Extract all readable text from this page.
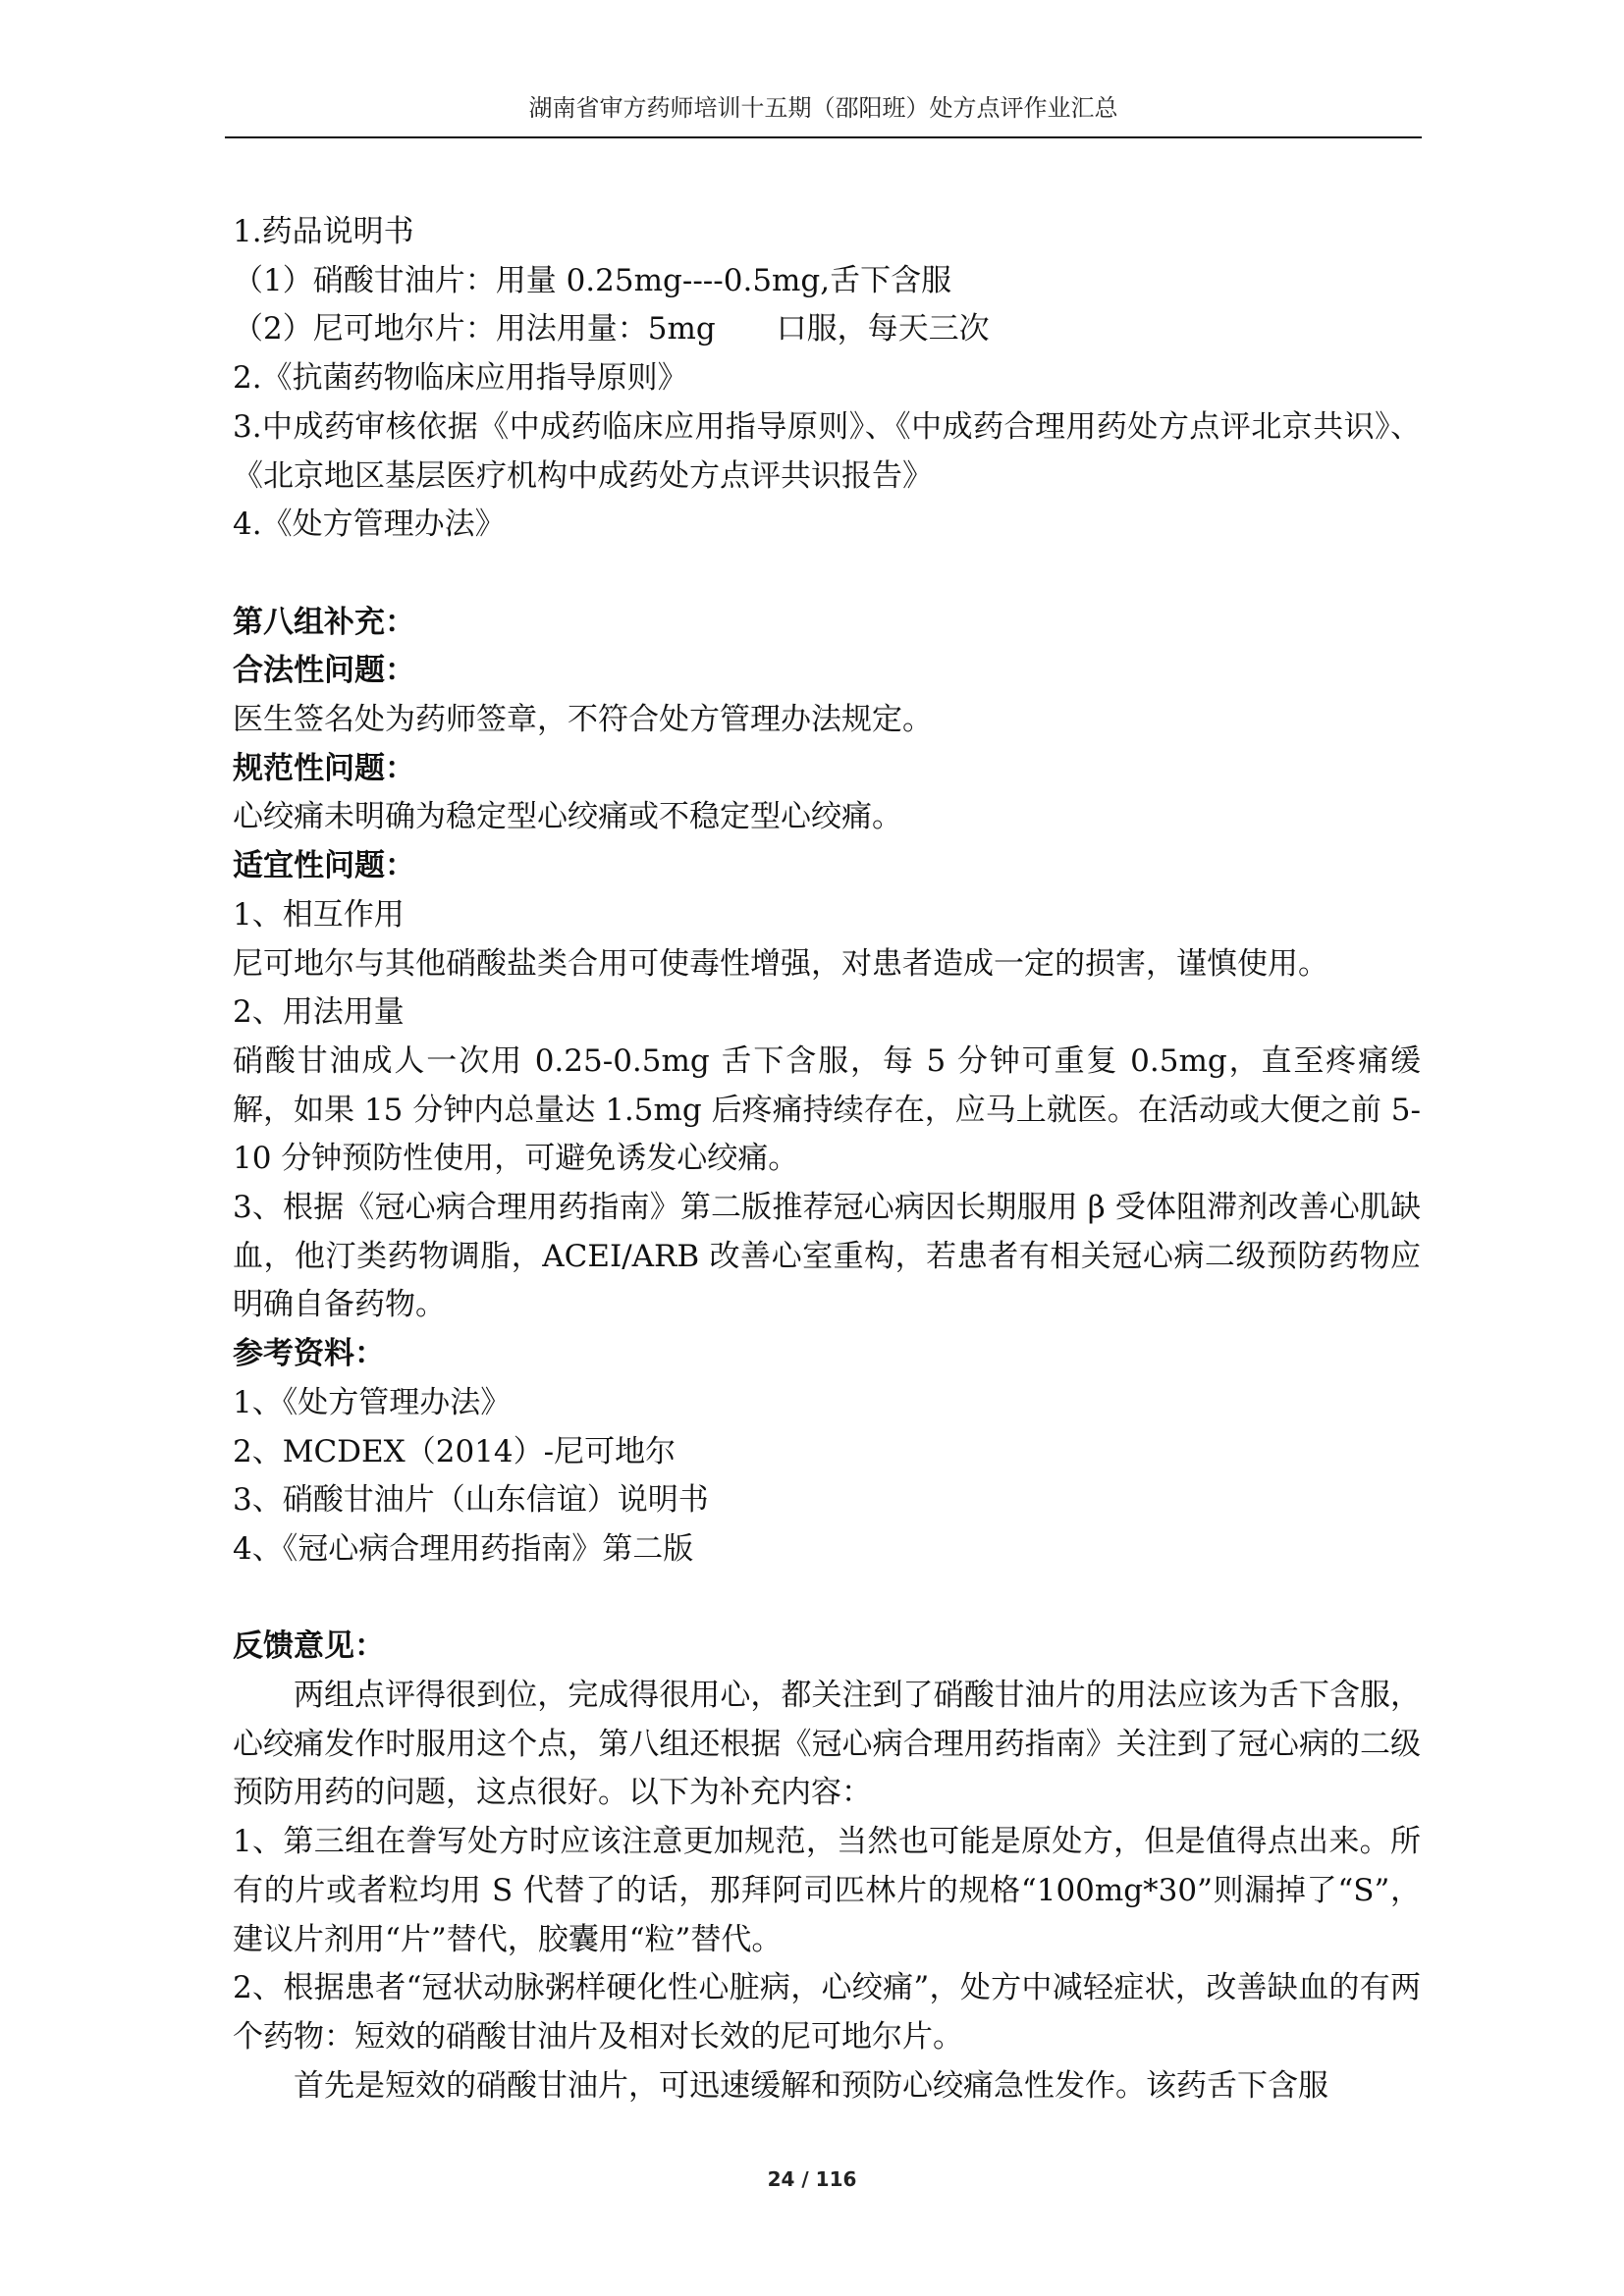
湖南省审方药师培训十五期（邵阳班）处方点评作业汇总

1.药品说明书

（1）硝酸甘油片：用量 0.25mg----0.5mg,舌下含服

（2）尼可地尔片：用法用量：5mg　　口服，每天三次

2.《抗菌药物临床应用指导原则》

3.中成药审核依据《中成药临床应用指导原则》、《中成药合理用药处方点评北京共识》、《北京地区基层医疗机构中成药处方点评共识报告》

4.《处方管理办法》

第八组补充：

合法性问题：

医生签名处为药师签章，不符合处方管理办法规定。

规范性问题：

心绞痛未明确为稳定型心绞痛或不稳定型心绞痛。

适宜性问题：

1、相互作用

尼可地尔与其他硝酸盐类合用可使毒性增强，对患者造成一定的损害，谨慎使用。

2、用法用量

硝酸甘油成人一次用 0.25-0.5mg 舌下含服，每 5 分钟可重复 0.5mg，直至疼痛缓解，如果 15 分钟内总量达 1.5mg 后疼痛持续存在，应马上就医。在活动或大便之前 5-10 分钟预防性使用，可避免诱发心绞痛。

3、根据《冠心病合理用药指南》第二版推荐冠心病因长期服用 β 受体阻滞剂改善心肌缺血，他汀类药物调脂，ACEI/ARB 改善心室重构，若患者有相关冠心病二级预防药物应明确自备药物。

参考资料：

1、《处方管理办法》

2、MCDEX（2014）-尼可地尔

3、硝酸甘油片（山东信谊）说明书

4、《冠心病合理用药指南》第二版

反馈意见：

两组点评得很到位，完成得很用心，都关注到了硝酸甘油片的用法应该为舌下含服，心绞痛发作时服用这个点，第八组还根据《冠心病合理用药指南》关注到了冠心病的二级预防用药的问题，这点很好。以下为补充内容：

1、第三组在誊写处方时应该注意更加规范，当然也可能是原处方，但是值得点出来。所有的片或者粒均用 S 代替了的话，那拜阿司匹林片的规格“100mg*30”则漏掉了“S”，建议片剂用“片”替代，胶囊用“粒”替代。

2、根据患者“冠状动脉粥样硬化性心脏病，心绞痛”，处方中减轻症状，改善缺血的有两个药物：短效的硝酸甘油片及相对长效的尼可地尔片。

首先是短效的硝酸甘油片，可迅速缓解和预防心绞痛急性发作。该药舌下含服

24 / 116
